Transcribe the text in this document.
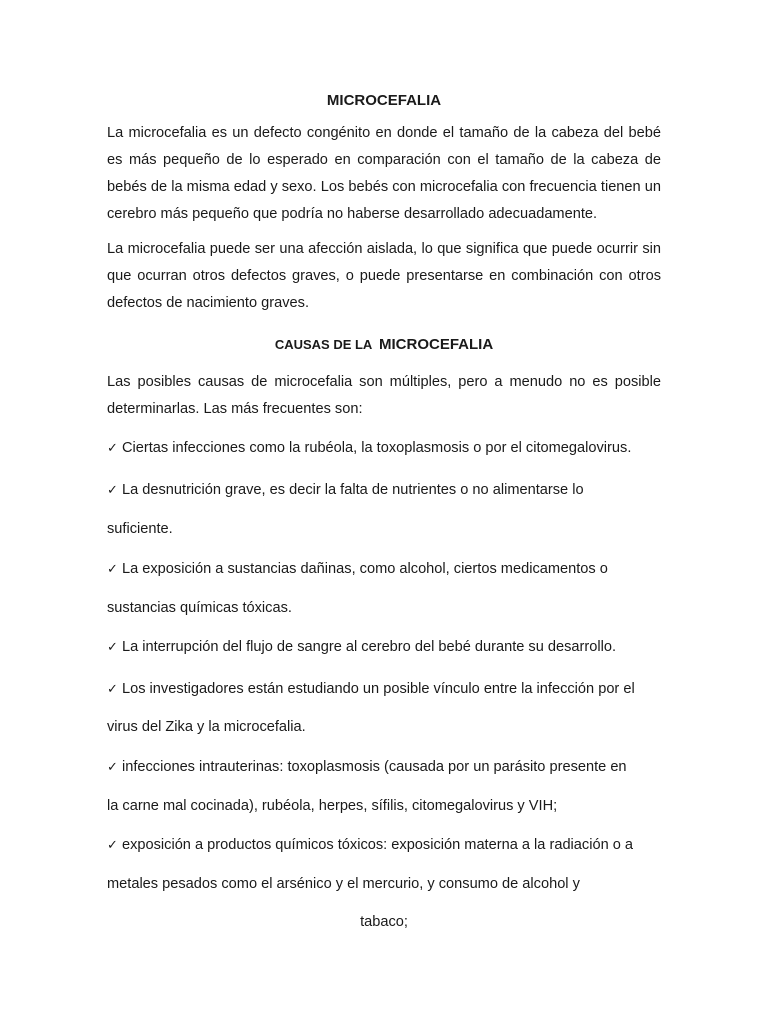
MICROCEFALIA

La microcefalia es un defecto congénito en donde el tamaño de la cabeza del bebé es más pequeño de lo esperado en comparación con el tamaño de la cabeza de bebés de la misma edad y sexo. Los bebés con microcefalia con frecuencia tienen un cerebro más pequeño que podría no haberse desarrollado adecuadamente.

La microcefalia puede ser una afección aislada, lo que significa que puede ocurrir sin que ocurran otros defectos graves, o puede presentarse en combinación con otros defectos de nacimiento graves.

CAUSAS DE LA MICROCEFALIA

Las posibles causas de microcefalia son múltiples, pero a menudo no es posible determinarlas. Las más frecuentes son:

✓ Ciertas infecciones como la rubéola, la toxoplasmosis o por el citomegalovirus.

✓ La desnutrición grave, es decir la falta de nutrientes o no alimentarse lo

suficiente.

✓ La exposición a sustancias dañinas, como alcohol, ciertos medicamentos o

sustancias químicas tóxicas.

✓ La interrupción del flujo de sangre al cerebro del bebé durante su desarrollo.

✓ Los investigadores están estudiando un posible vínculo entre la infección por el

virus del Zika y la microcefalia.

✓ infecciones intrauterinas: toxoplasmosis (causada por un parásito presente en

la carne mal cocinada), rubéola, herpes, sífilis, citomegalovirus y VIH;

✓ exposición a productos químicos tóxicos: exposición materna a la radiación o a

metales pesados como el arsénico y el mercurio, y consumo de alcohol y

tabaco;
